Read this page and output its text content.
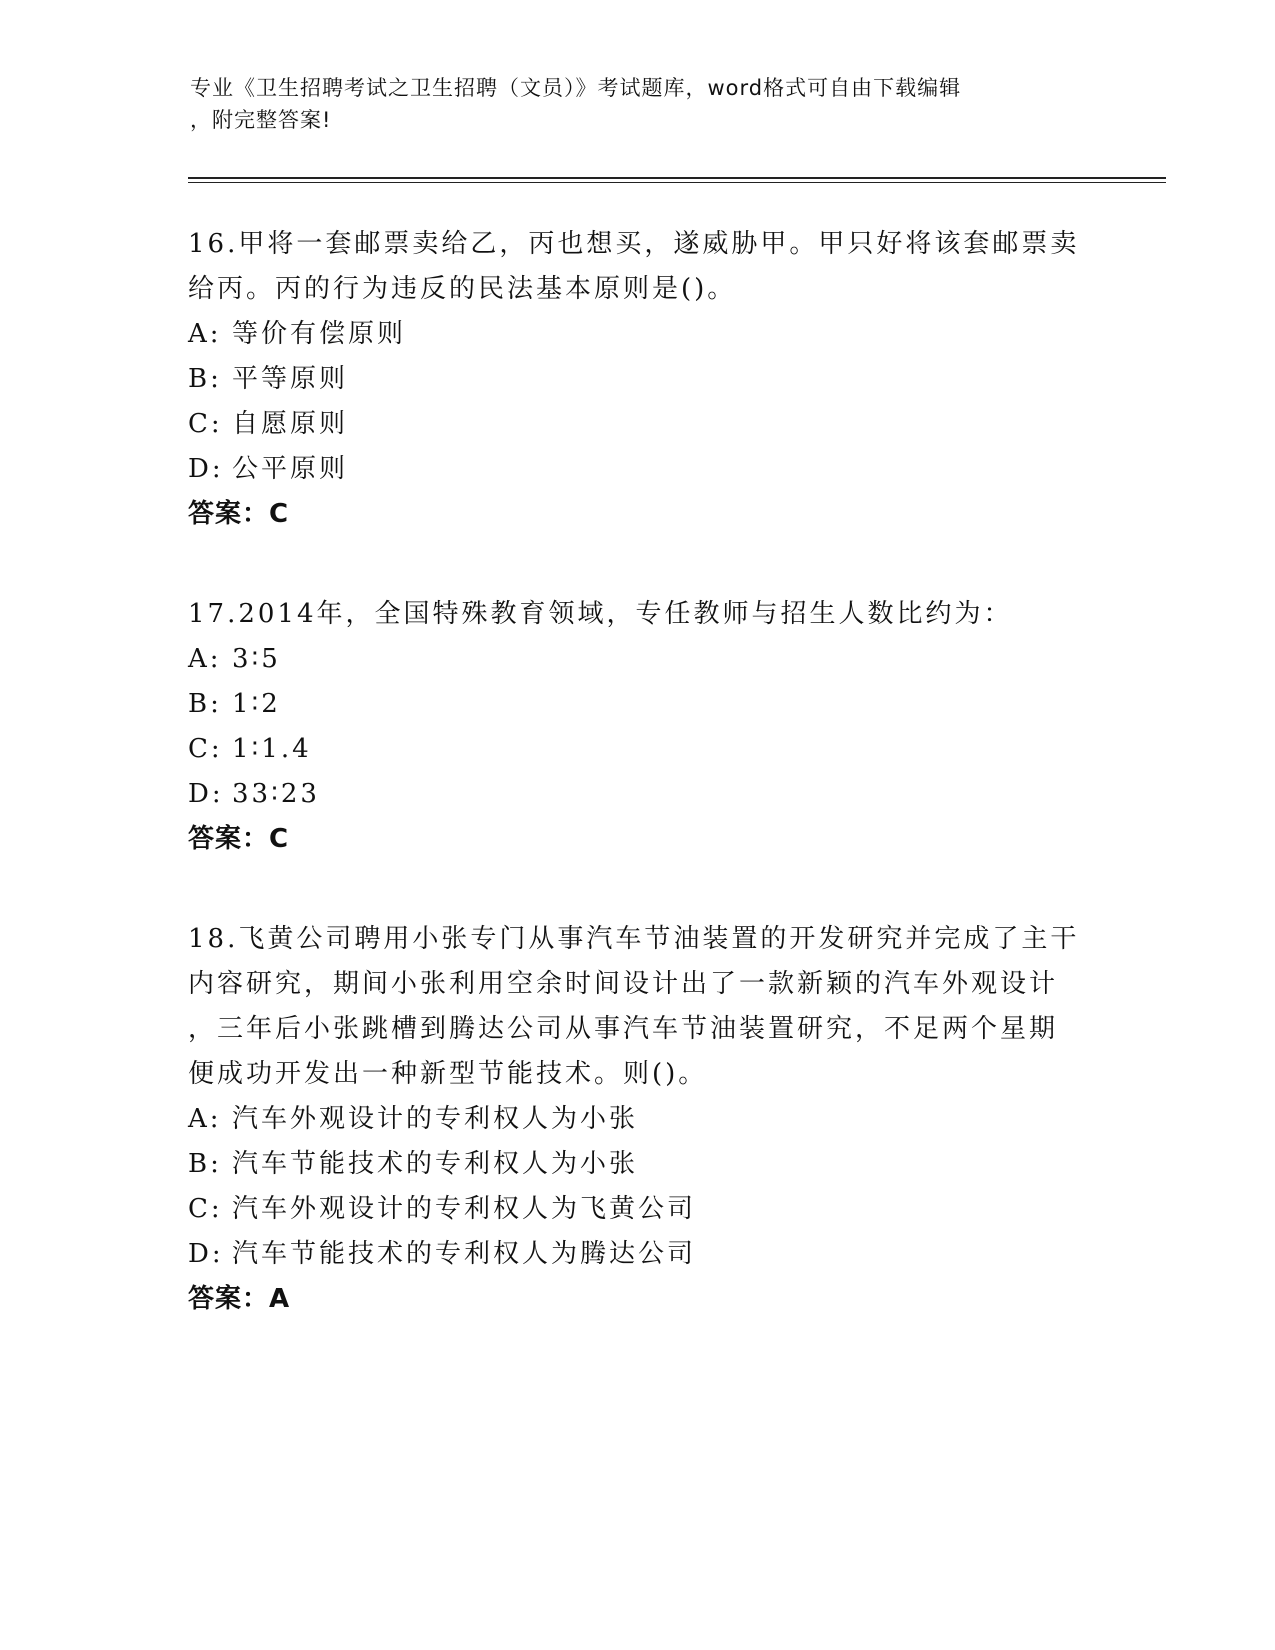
专业《卫生招聘考试之卫生招聘（文员）》考试题库，word格式可自由下载编辑
，附完整答案!
16.甲将一套邮票卖给乙，丙也想买，遂威胁甲。甲只好将该套邮票卖
给丙。丙的行为违反的民法基本原则是()。
A: 等价有偿原则
B: 平等原则
C: 自愿原则
D: 公平原则
答案：C
17.2014年，全国特殊教育领域，专任教师与招生人数比约为：
A: 3∶5
B: 1∶2
C: 1∶1.4
D: 33∶23
答案：C
18.飞黄公司聘用小张专门从事汽车节油装置的开发研究并完成了主干
内容研究，期间小张利用空余时间设计出了一款新颖的汽车外观设计
，三年后小张跳槽到腾达公司从事汽车节油装置研究，不足两个星期
便成功开发出一种新型节能技术。则()。
A: 汽车外观设计的专利权人为小张
B: 汽车节能技术的专利权人为小张
C: 汽车外观设计的专利权人为飞黄公司
D: 汽车节能技术的专利权人为腾达公司
答案：A
